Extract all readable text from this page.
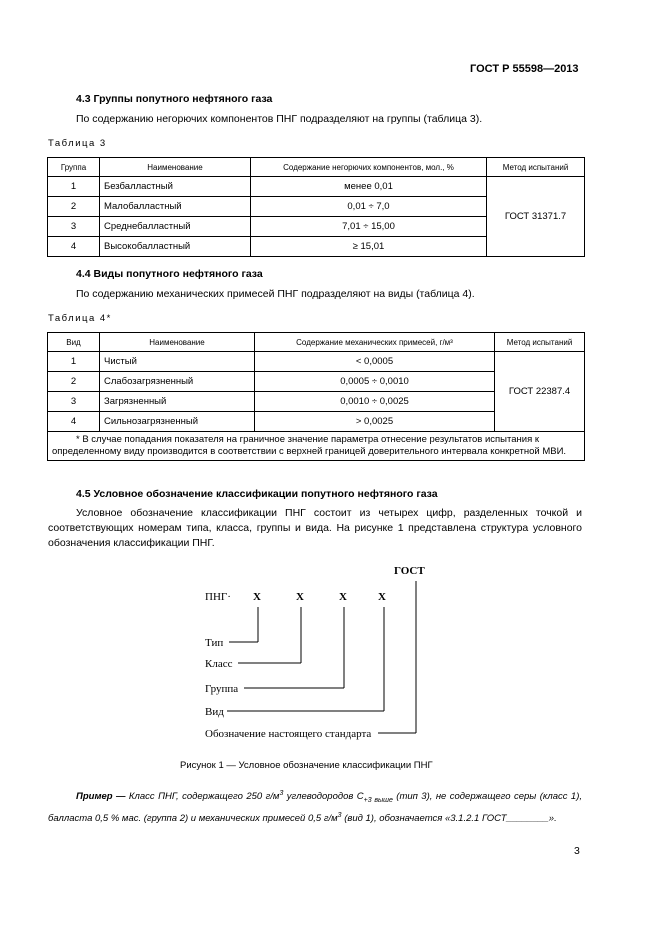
ГОСТ Р 55598—2013
4.3 Группы попутного нефтяного газа
По содержанию негорючих компонентов ПНГ подразделяют на группы (таблица 3).
Таблица 3
Группа	Наименование	Содержание негорючих компонентов, мол., %	Метод испытаний
1	Безбалластный	менее 0,01	ГОСТ 31371.7
2	Малобалластный	0,01 ÷ 7,0	
3	Среднебалластный	7,01 ÷ 15,00	
4	Высокобалластный	≥ 15,01	
4.4 Виды попутного нефтяного газа
По содержанию механических примесей ПНГ подразделяют на виды (таблица 4).
Таблица 4*
Вид	Наименование	Содержание механических примесей, г/м³	Метод испытаний
1	Чистый	< 0,0005	ГОСТ 22387.4
2	Слабозагрязненный	0,0005 ÷ 0,0010	
3	Загрязненный	0,0010 ÷ 0,0025	
4	Сильнозагрязненный	> 0,0025	
* В случае попадания показателя на граничное значение параметра отнесение результатов испытания к определенному виду производится в соответствии с верхней границей доверительного интервала конкретной МВИ.			
4.5 Условное обозначение классификации попутного нефтяного газа
Условное обозначение классификации ПНГ состоит из четырех цифр, разделенных точкой и соответствующих номерам типа, класса, группы и вида. На рисунке 1 представлена структура условного обозначения классификации ПНГ.
ГОСТ
ПНГ· Х	Х	Х	Х
Тип
Класс
Группа
Вид
Обозначение настоящего стандарта
Рисунок 1 — Условное обозначение классификации ПНГ
Пример — Класс ПНГ, содержащего 250 $г/м^3$ углеводородов $С_{+3 выше}$ (тип 3), не содержащего серы (класс 1), балласта 0,5 % мас. (группа 2) и механических примесей 0,5 $г/м^3$ (вид 1), обозначается «3.1.2.1 ГОСТ________».
3
